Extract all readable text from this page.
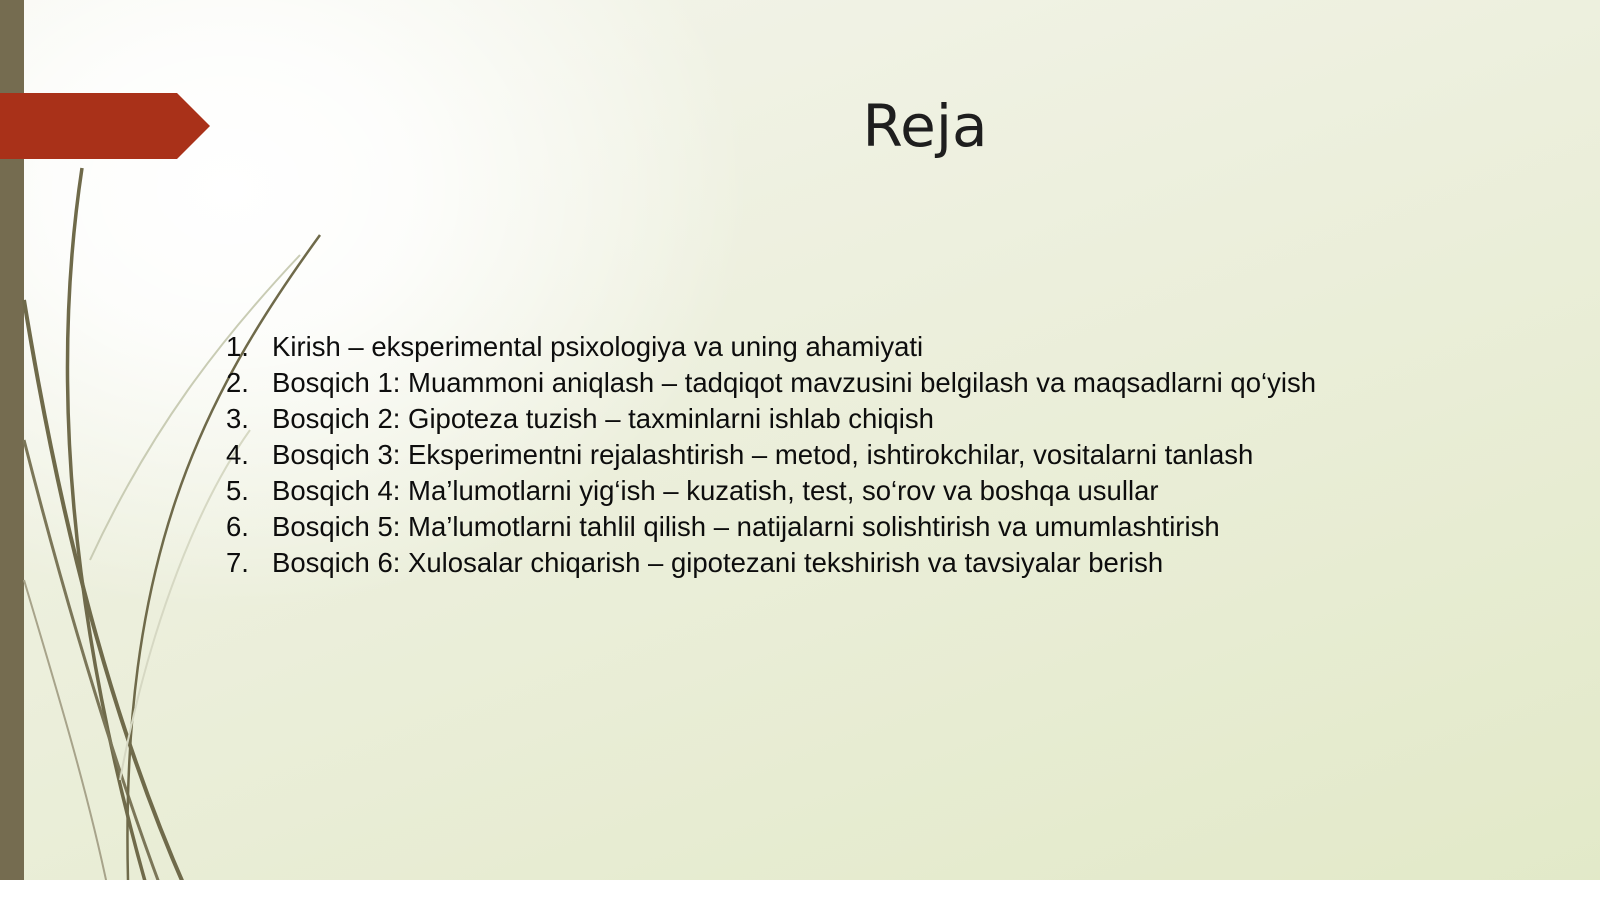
Reja
1. Kirish – eksperimental psixologiya va uning ahamiyati
2. Bosqich 1: Muammoni aniqlash – tadqiqot mavzusini belgilash va maqsadlarni qo‘yish
3. Bosqich 2: Gipoteza tuzish – taxminlarni ishlab chiqish
4. Bosqich 3: Eksperimentni rejalashtirish – metod, ishtirokchilar, vositalarni tanlash
5. Bosqich 4: Ma’lumotlarni yig‘ish – kuzatish, test, so‘rov va boshqa usullar
6. Bosqich 5: Ma’lumotlarni tahlil qilish – natijalarni solishtirish va umumlashtirish
7. Bosqich 6: Xulosalar chiqarish – gipotezani tekshirish va tavsiyalar berish
